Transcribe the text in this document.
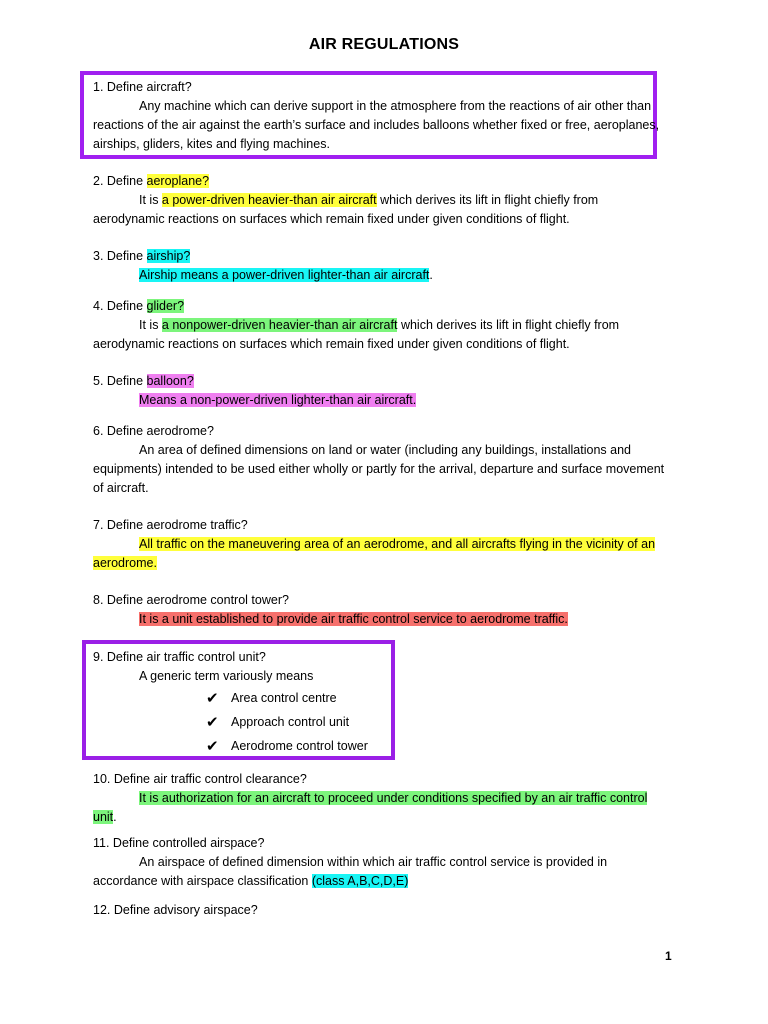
AIR REGULATIONS
1. Define aircraft?

Any machine which can derive support in the atmosphere from the reactions of air other than reactions of the air against the earth’s surface and includes balloons whether fixed or free, aeroplanes, airships, gliders, kites and flying machines.

2. Define aeroplane?

It is a power-driven heavier-than air aircraft which derives its lift in flight chiefly from aerodynamic reactions on surfaces which remain fixed under given conditions of flight.

3. Define airship?

Airship means a power-driven lighter-than air aircraft.

4. Define glider?

It is a nonpower-driven heavier-than air aircraft which derives its lift in flight chiefly from aerodynamic reactions on surfaces which remain fixed under given conditions of flight.

5. Define balloon?

Means a non-power-driven lighter-than air aircraft.

6. Define aerodrome?

An area of defined dimensions on land or water (including any buildings, installations and equipments) intended to be used either wholly or partly for the arrival, departure and surface movement of aircraft.

7. Define aerodrome traffic?

All traffic on the maneuvering area of an aerodrome, and all aircrafts flying in the vicinity of an aerodrome.

8. Define aerodrome control tower?

It is a unit established to provide air traffic control service to aerodrome traffic.

9. Define air traffic control unit?

A generic term variously means

✔ Area control centre
✔ Approach control unit
✔ Aerodrome control tower
10. Define air traffic control clearance?

It is authorization for an aircraft to proceed under conditions specified by an air traffic control unit.

11. Define controlled airspace?

An airspace of defined dimension within which air traffic control service is provided in accordance with airspace classification (class A,B,C,D,E)

12. Define advisory airspace?
1
